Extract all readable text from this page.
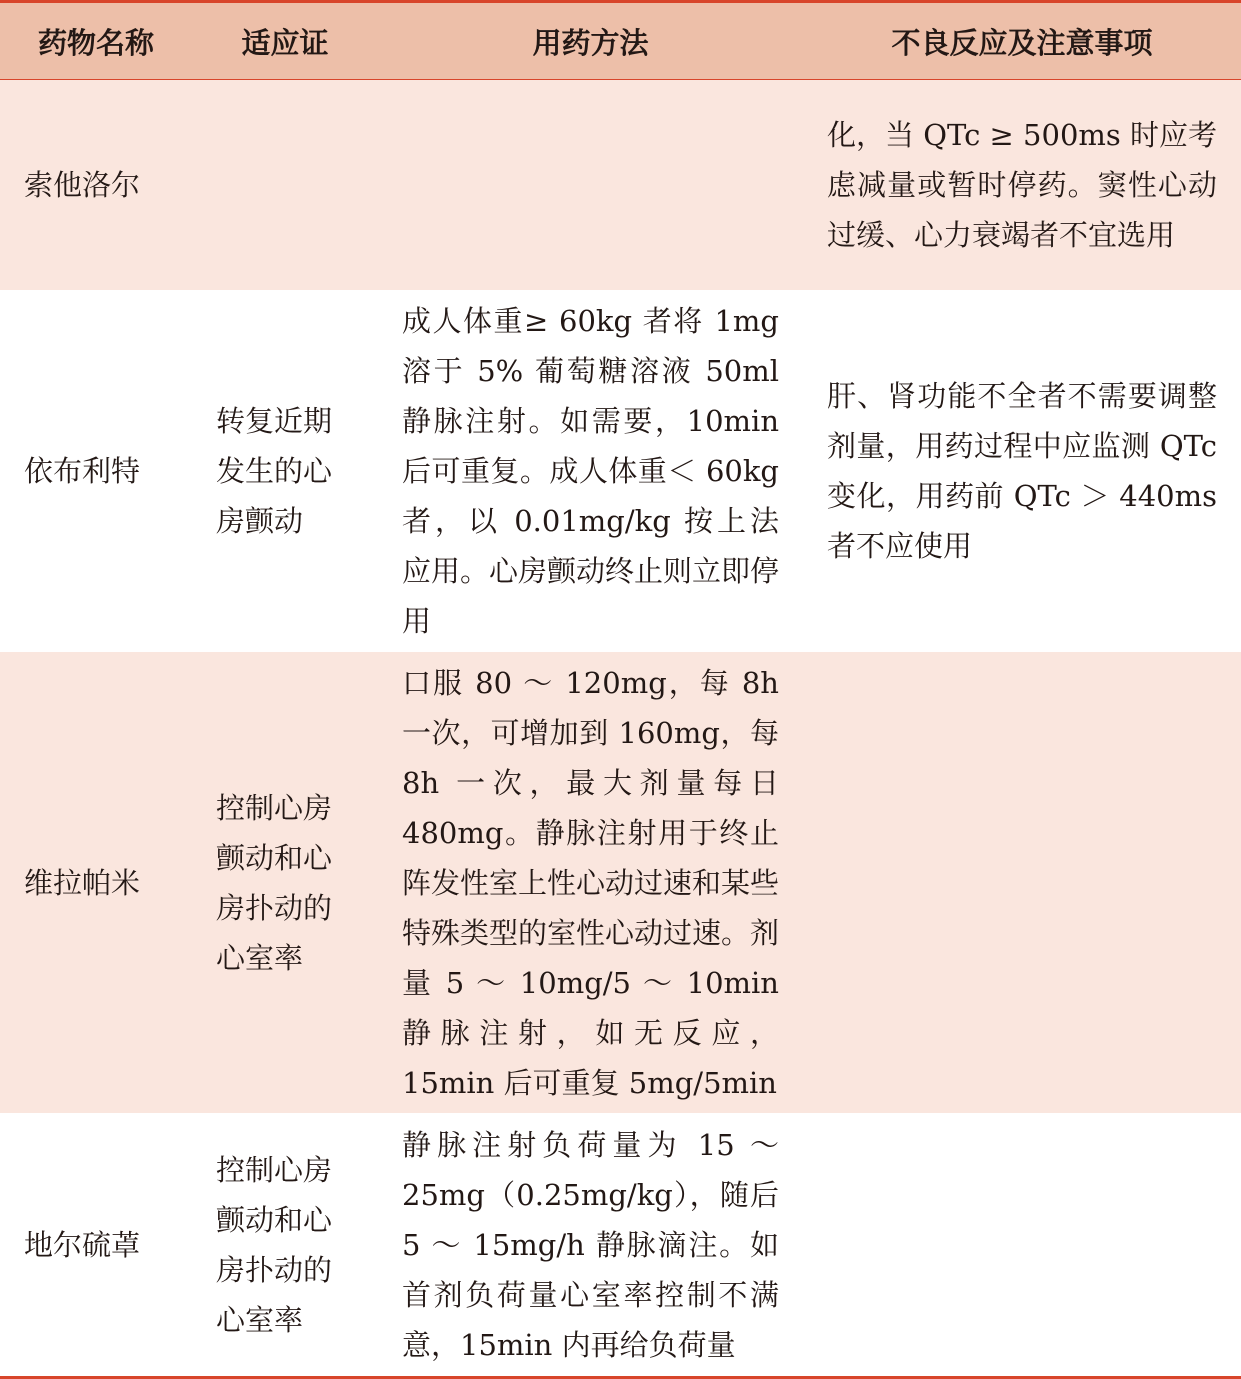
药物名称	适应证	用药方法	不良反应及注意事项
索他洛尔			化，当 QTc ≥ 500ms 时应考虑减量或暂时停药。窦性心动过缓、心力衰竭者不宜选用
依布利特	转复近期发生的心房颤动	成人体重≥ 60kg 者将 1mg 溶于 5% 葡萄糖溶液 50ml 静脉注射。如需要，10min 后可重复。成人体重＜ 60kg 者，以 0.01mg/kg 按上法应用。心房颤动终止则立即停用	肝、肾功能不全者不需要调整剂量，用药过程中应监测 QTc 变化，用药前 QTc ＞ 440ms 者不应使用
维拉帕米	控制心房颤动和心房扑动的心室率	口服 80 ～ 120mg，每 8h 一次，可增加到 160mg，每 8h 一次，最大剂量每日 480mg。静脉注射用于终止阵发性室上性心动过速和某些特殊类型的室性心动过速。剂量 5 ～ 10mg/5 ～ 10min 静脉注射，如无反应，15min 后可重复 5mg/5min	
地尔硫䓬	控制心房颤动和心房扑动的心室率	静脉注射负荷量为 15 ～ 25mg（0.25mg/kg），随后 5 ～ 15mg/h 静脉滴注。如首剂负荷量心室率控制不满意，15min 内再给负荷量	
